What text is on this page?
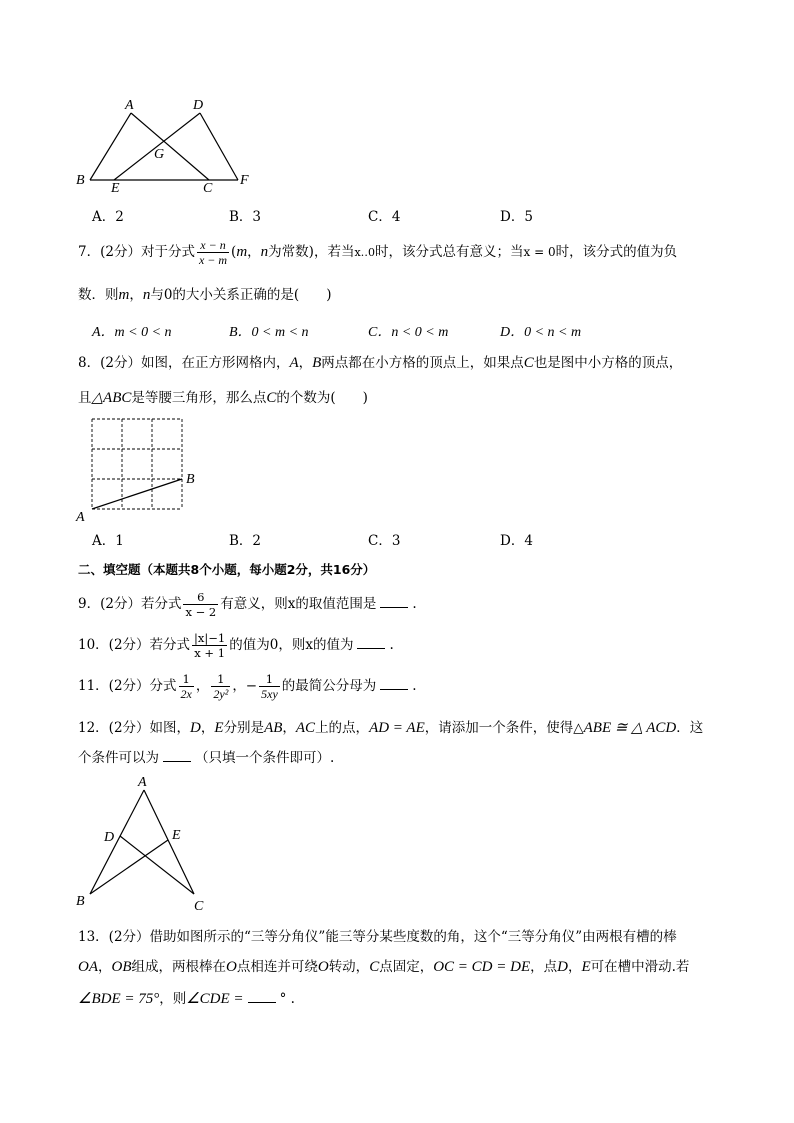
A	D
G
B
E	C
F
A．2	B．3	C．4	D．5
7．(2分）对于分式 $\frac{x - n}{x - m} (m$，n为常数)，若当x‥0时，该分式总有意义；当x = 0时，该分式的值为负
数．则m，n与0的大小关系正确的是(　　)
A．m < 0 < n	B．0 < m < n	C．n < 0 < m	D．0 < n < m
8．(2分）如图，在正方形网格内，A，B两点都在小方格的顶点上，如果点C也是图中小方格的顶点，
且△ABC是等腰三角形，那么点C的个数为(　　)
A
B
A．1	B．2	C．3	D．4
二、填空题（本题共8个小题，每小题2分，共16分）
9．(2分）若分式 $\frac{6}{x - 2}$ 有意义，则x的取值范围是	.
10．(2分）若分式 $\frac{|x|-1}{x + 1}$ 的值为0，则x的值为	.
11．(2分）分式 $\frac{1}{2x}$ ， $\frac{1}{\text{2y²}}$ ，− $\frac{1}{5xy}$ 的最简公分母为	.
12．(2分）如图，D，E分别是AB，AC上的点，AD = AE，请添加一个条件，使得△ABE ≅ △ ACD．这
个条件可以为	（只填一个条件即可）.
A
D	E
B	C
13．(2分）借助如图所示的“三等分角仪”能三等分某些度数的角，这个“三等分角仪”由两根有槽的棒
OA，OB组成，两根棒在O点相连并可绕O转动，C点固定，OC = CD = DE，点D，E可在槽中滑动.若
∠BDE = 75°，则∠CDE =	° .
